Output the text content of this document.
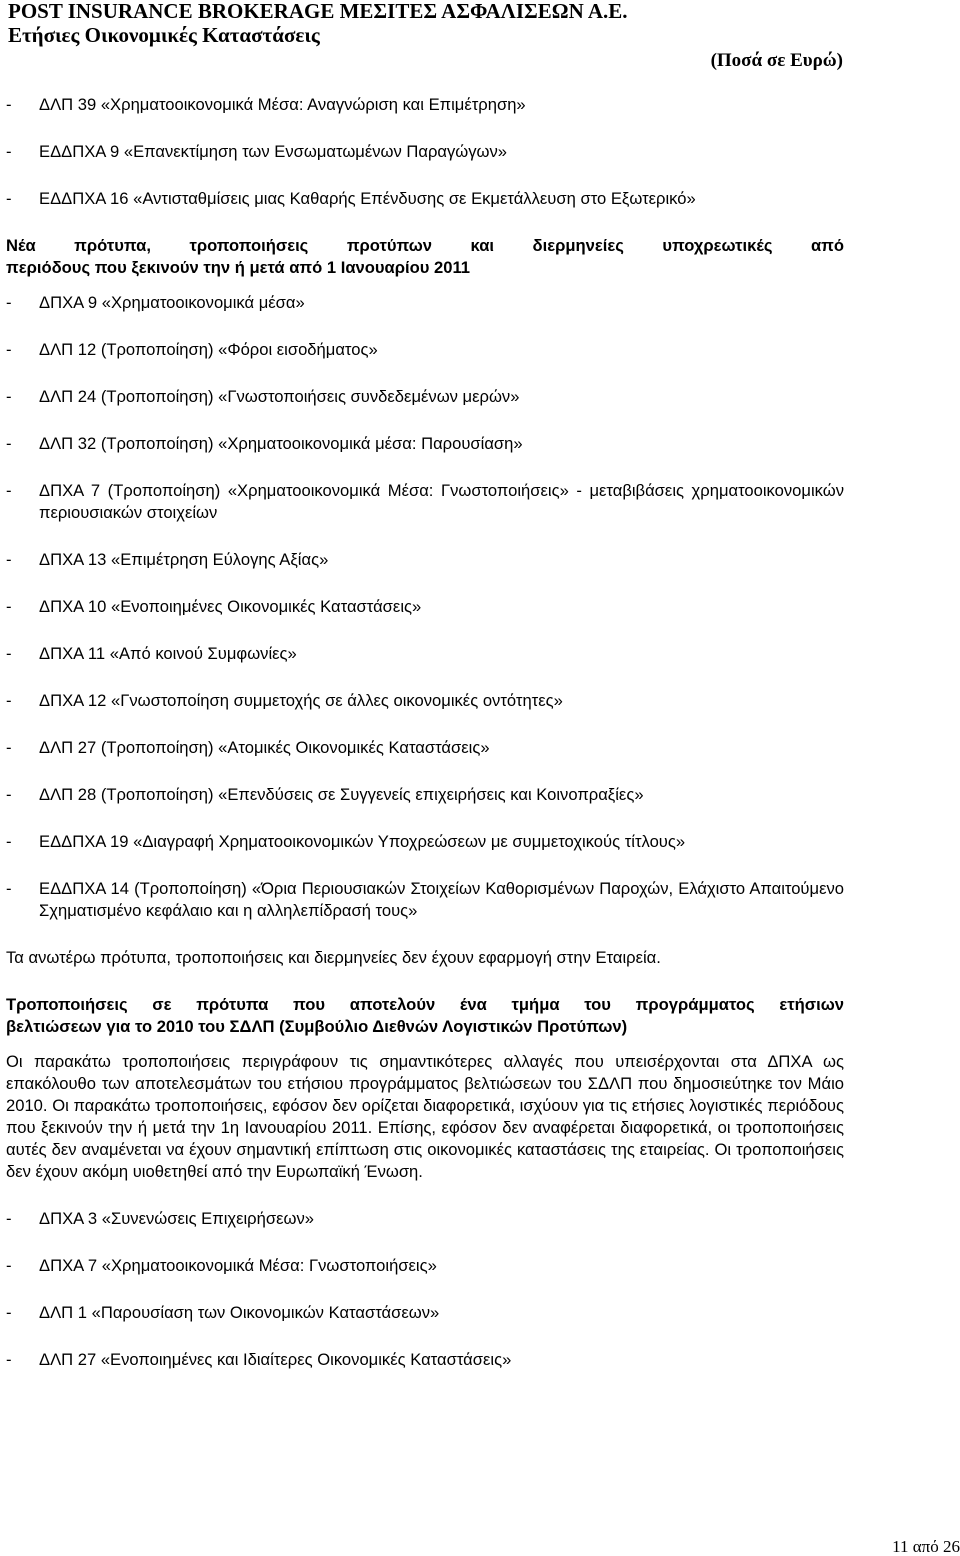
POST INSURANCE BROKERAGE ΜΕΣΙΤΕΣ ΑΣΦΑΛΙΣΕΩΝ Α.Ε.
Ετήσιες Οικονομικές Καταστάσεις
(Ποσά σε Ευρώ)

- ΔΛΠ 39 «Χρηματοοικονομικά Μέσα: Αναγνώριση και Επιμέτρηση»

- ΕΔΔΠΧΑ 9 «Επανεκτίμηση των Ενσωματωμένων Παραγώγων»

- ΕΔΔΠΧΑ 16 «Αντισταθμίσεις μιας Καθαρής Επένδυσης σε Εκμετάλλευση στο Εξωτερικό»

Νέα πρότυπα, τροποποιήσεις προτύπων και διερμηνείες υποχρεωτικές από
περιόδους που ξεκινούν την ή μετά από 1 Ιανουαρίου 2011

- ΔΠΧΑ 9 «Χρηματοοικονομικά μέσα»

- ΔΛΠ 12 (Τροποποίηση) «Φόροι εισοδήματος»

- ΔΛΠ 24 (Τροποποίηση) «Γνωστοποιήσεις συνδεδεμένων μερών»

- ΔΛΠ 32 (Τροποποίηση) «Χρηματοοικονομικά μέσα: Παρουσίαση»

- ΔΠΧΑ 7 (Τροποποίηση) «Χρηματοοικονομικά Μέσα: Γνωστοποιήσεις» - μεταβιβάσεις χρηματοοικονομικών περιουσιακών στοιχείων

- ΔΠΧΑ 13 «Επιμέτρηση Εύλογης Αξίας»

- ΔΠΧΑ 10 «Ενοποιημένες Οικονομικές Καταστάσεις»

- ΔΠΧΑ 11 «Από κοινού Συμφωνίες»

- ΔΠΧΑ 12 «Γνωστοποίηση συμμετοχής σε άλλες οικονομικές οντότητες»

- ΔΛΠ 27 (Τροποποίηση) «Ατομικές Οικονομικές Καταστάσεις»

- ΔΛΠ 28 (Τροποποίηση) «Επενδύσεις σε Συγγενείς επιχειρήσεις και Κοινοπραξίες»

- ΕΔΔΠΧΑ 19 «Διαγραφή Χρηματοοικονομικών Υποχρεώσεων με συμμετοχικούς τίτλους»

- ΕΔΔΠΧΑ 14 (Τροποποίηση) «Όρια Περιουσιακών Στοιχείων Καθορισμένων Παροχών, Ελάχιστο Απαιτούμενο Σχηματισμένο κεφάλαιο και η αλληλεπίδρασή τους»

Τα ανωτέρω πρότυπα, τροποποιήσεις και διερμηνείες δεν έχουν εφαρμογή στην Εταιρεία.

Τροποποιήσεις σε πρότυπα που αποτελούν ένα τμήμα του προγράμματος ετήσιων
βελτιώσεων για το 2010 του ΣΔΛΠ (Συμβούλιο Διεθνών Λογιστικών Προτύπων)

Οι παρακάτω τροποποιήσεις περιγράφουν τις σημαντικότερες αλλαγές που υπεισέρχονται στα ΔΠΧΑ ως επακόλουθο των αποτελεσμάτων του ετήσιου προγράμματος βελτιώσεων του ΣΔΛΠ που δημοσιεύτηκε τον Μάιο 2010. Οι παρακάτω τροποποιήσεις, εφόσον δεν ορίζεται διαφορετικά, ισχύουν για τις ετήσιες λογιστικές περιόδους που ξεκινούν την ή μετά την 1η Ιανουαρίου 2011. Επίσης, εφόσον δεν αναφέρεται διαφορετικά, οι τροποποιήσεις αυτές δεν αναμένεται να έχουν σημαντική επίπτωση στις οικονομικές καταστάσεις της εταιρείας. Οι τροποποιήσεις δεν έχουν ακόμη υιοθετηθεί από την Ευρωπαϊκή Ένωση.

- ΔΠΧΑ 3 «Συνενώσεις Επιχειρήσεων»

- ΔΠΧΑ 7 «Χρηματοοικονομικά Μέσα: Γνωστοποιήσεις»

- ΔΛΠ 1 «Παρουσίαση των Οικονομικών Καταστάσεων»

- ΔΛΠ 27 «Ενοποιημένες και Ιδιαίτερες Οικονομικές Καταστάσεις»

11 από 26
